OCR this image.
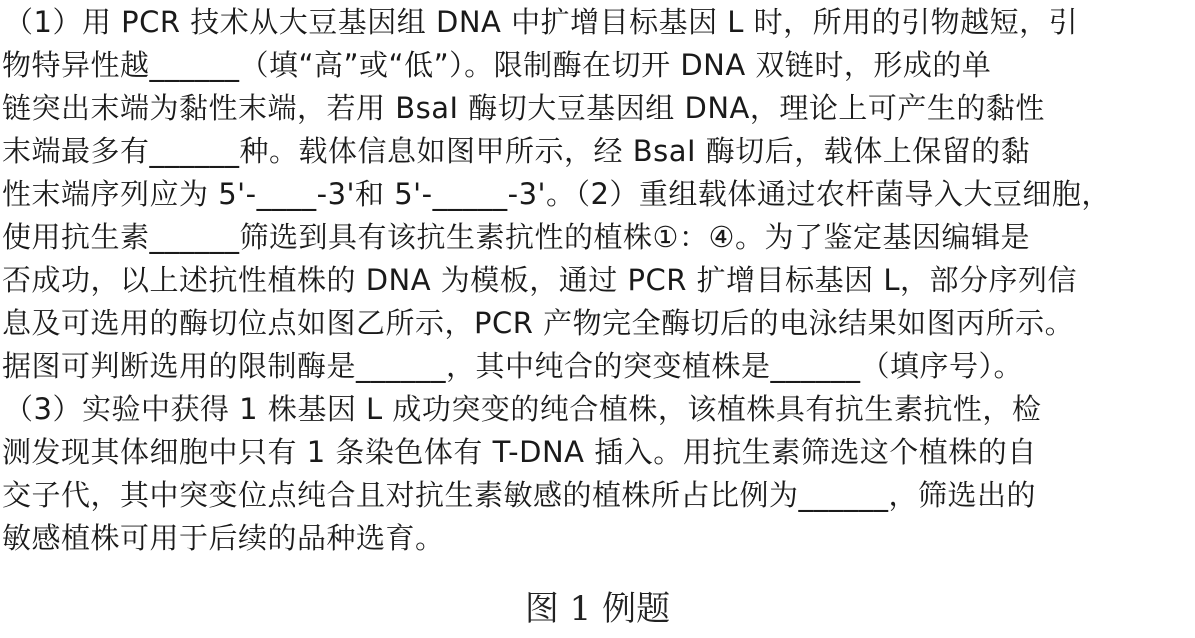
（1）用 PCR 技术从大豆基因组 DNA 中扩增目标基因 L 时，所用的引物越短，引
物特异性越______（填“高”或“低”）。限制酶在切开 DNA 双链时，形成的单
链突出末端为黏性末端，若用 BsaI 酶切大豆基因组 DNA，理论上可产生的黏性
末端最多有______种。载体信息如图甲所示，经 BsaI 酶切后，载体上保留的黏
性末端序列应为 5'-____-3'和 5'-_____-3'。（2）重组载体通过农杆菌导入大豆细胞，
使用抗生素______筛选到具有该抗生素抗性的植株①：④。为了鉴定基因编辑是
否成功，以上述抗性植株的 DNA 为模板，通过 PCR 扩增目标基因 L，部分序列信
息及可选用的酶切位点如图乙所示，PCR 产物完全酶切后的电泳结果如图丙所示。
据图可判断选用的限制酶是______，其中纯合的突变植株是______（填序号）。
（3）实验中获得 1 株基因 L 成功突变的纯合植株，该植株具有抗生素抗性，检
测发现其体细胞中只有 1 条染色体有 T-DNA 插入。用抗生素筛选这个植株的自
交子代，其中突变位点纯合且对抗生素敏感的植株所占比例为______，筛选出的
敏感植株可用于后续的品种选育。
图 1 例题
